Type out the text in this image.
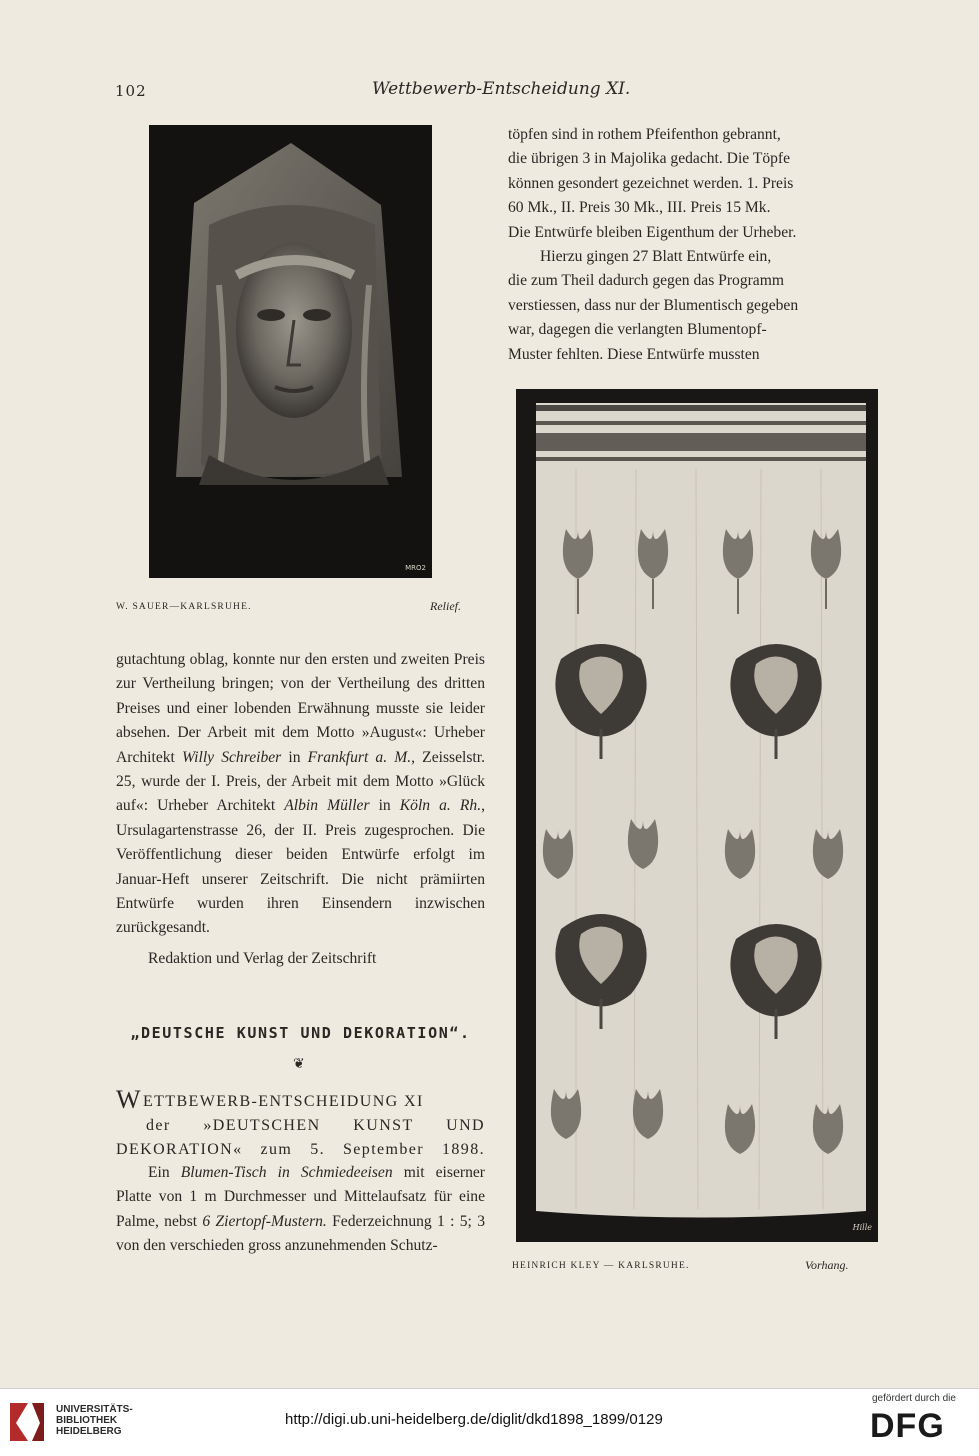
102	Wettbewerb-Entscheidung XI.
MRO2
W. SAUER—KARLSRUHE.	Relief.

töpfen sind in rothem Pfeifenthon gebrannt,

die übrigen 3 in Majolika gedacht. Die Töpfe

können gesondert gezeichnet werden. 1. Preis

60 Mk., II. Preis 30 Mk., III. Preis 15 Mk.

Die Entwürfe bleiben Eigenthum der Urheber.

Hierzu gingen 27 Blatt Entwürfe ein,

die zum Theil dadurch gegen das Programm

verstiessen, dass nur der Blumentisch gegeben

war, dagegen die verlangten Blumentopf-

Muster fehlten. Diese Entwürfe mussten

Hille
HEINRICH KLEY — KARLSRUHE.	Vorhang.

gutachtung oblag, konnte nur den ersten und zweiten Preis zur Vertheilung bringen; von der Vertheilung des dritten Preises und einer lobenden Erwähnung musste sie leider absehen. Der Arbeit mit dem Motto »August«: Urheber Architekt Willy Schreiber in Frankfurt a. M., Zeisselstr. 25, wurde der I. Preis, der Arbeit mit dem Motto »Glück auf«: Urheber Architekt Albin Müller in Köln a. Rh., Ursulagartenstrasse 26, der II. Preis zugesprochen. Die Veröffentlichung dieser beiden Entwürfe erfolgt im Januar-Heft unserer Zeitschrift. Die nicht prämiirten Entwürfe wurden ihren Einsendern inzwischen zurückgesandt.

Redaktion und Verlag der Zeitschrift

„DEUTSCHE KUNST UND DEKORATION“.
❦
WETTBEWERB-ENTSCHEIDUNG XI
der »DEUTSCHEN KUNST UND
DEKORATION« zum 5. September 1898.

Ein Blumen-Tisch in Schmiedeeisen mit eiserner Platte von 1 m Durchmesser und Mittelaufsatz für eine Palme, nebst 6 Ziertopf-Mustern. Federzeichnung 1 : 5; 3 von den verschieden gross anzunehmenden Schutz-

UNIVERSITÄTS-
BIBLIOTHEK
HEIDELBERG
http://digi.ub.uni-heidelberg.de/diglit/dkd1898_1899/0129
gefördert durch die
DFG
